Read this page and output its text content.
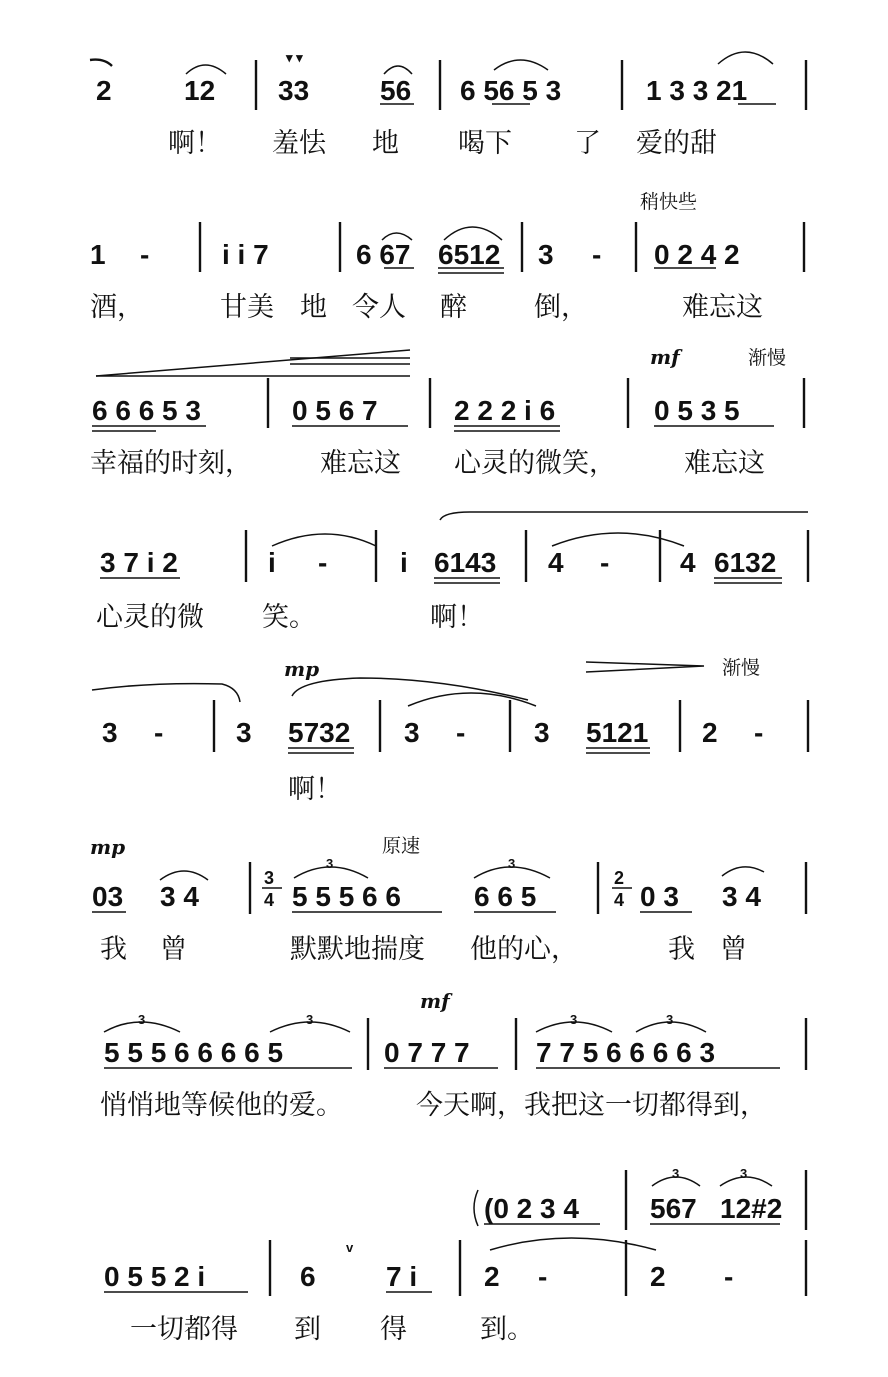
▾ ▾
2	12 33	56 6 56 5 3	1 3 3 21
啊！ 羞怯 地 喝下 了 爱的甜
稍快些
1 -	i i 7	6 67 6512 3 - 0 2 4 2
酒，	甘美 地 令人 醉 倒，	难忘这
mf	渐慢
6 6 6 5 3	0 5 6 7	2 2 2 i 6	0 5 3 5
幸福的时刻，	难忘这 心灵的微笑，	难忘这
3 7 i 2	i -	i 6143 4 -	4 6132
心灵的微 笑。	啊！
mp	渐慢
3 -	3 5732 3 - 3 5121 2 -
啊！
mp	原速
3	3
03 3 4
3
4 5 5 5 6 6	6 6 5
2
4 0 3 3 4
我 曾	默默地揣度 他的心，	我 曾
mf
3	3	3	3
5 5 5 6 6 6 6 5	0 7 7 7 7 7 5 6 6 6 6 3
悄悄地等候他的爱。	今天啊，我把这一切都得到，
(0 2 3 4
3	3
567 12#2
0 5 5 2 i	6
v
7 i 2 -	2 -
一切都得 到 得	到。
